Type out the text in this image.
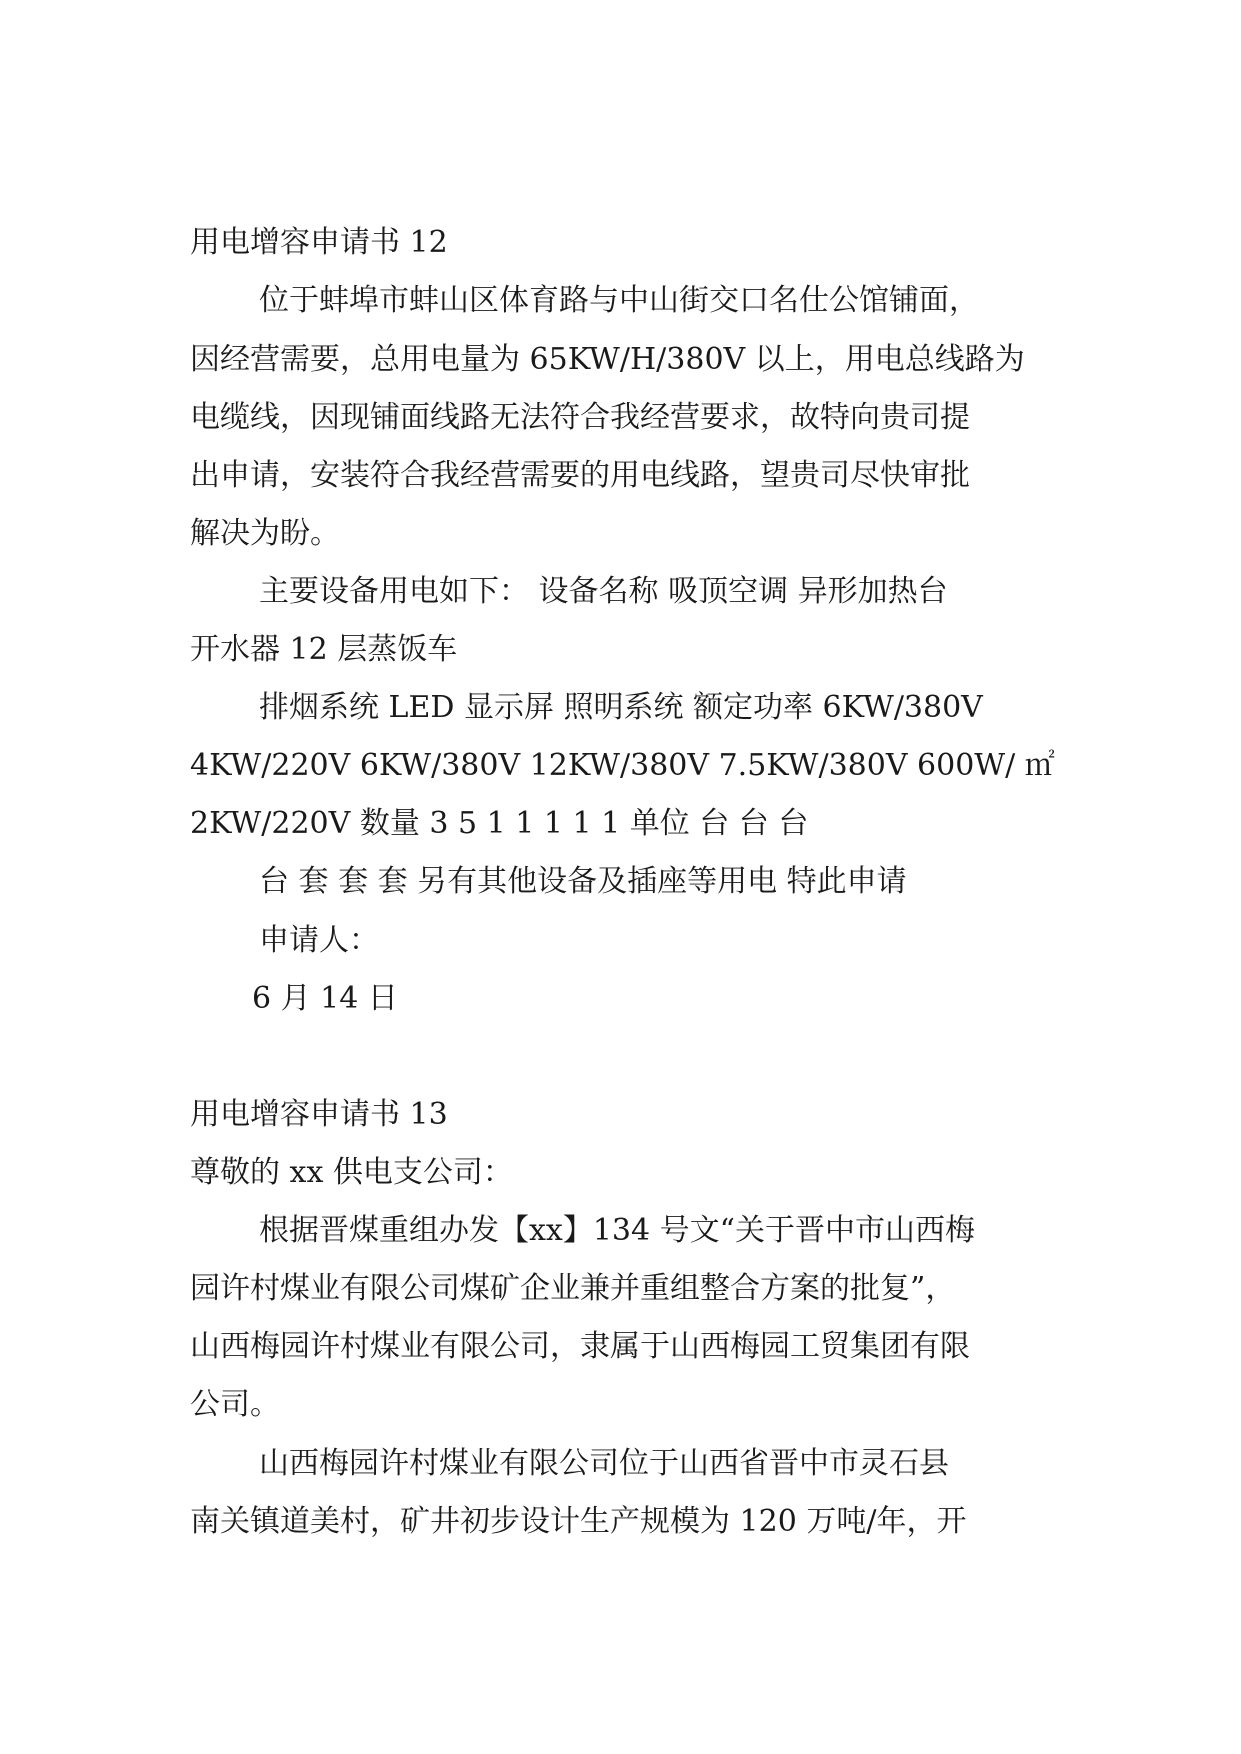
用电增容申请书 12
位于蚌埠市蚌山区体育路与中山街交口名仕公馆铺面，
因经营需要，总用电量为 65KW/H/380V 以上，用电总线路为
电缆线，因现铺面线路无法符合我经营要求，故特向贵司提
出申请，安装符合我经营需要的用电线路，望贵司尽快审批
解决为盼。
主要设备用电如下： 设备名称 吸顶空调 异形加热台
开水器 12 层蒸饭车
排烟系统 LED 显示屏 照明系统 额定功率 6KW/380V
4KW/220V 6KW/380V 12KW/380V 7.5KW/380V 600W/ ㎡
2KW/220V 数量 3 5 1 1 1 1 1 单位 台 台 台
台 套 套 套 另有其他设备及插座等用电 特此申请
申请人：
6 月 14 日
用电增容申请书 13
尊敬的 xx 供电支公司：
根据晋煤重组办发【xx】134 号文“关于晋中市山西梅
园许村煤业有限公司煤矿企业兼并重组整合方案的批复”，
山西梅园许村煤业有限公司，隶属于山西梅园工贸集团有限
公司。
山西梅园许村煤业有限公司位于山西省晋中市灵石县
南关镇道美村，矿井初步设计生产规模为 120 万吨/年，开
